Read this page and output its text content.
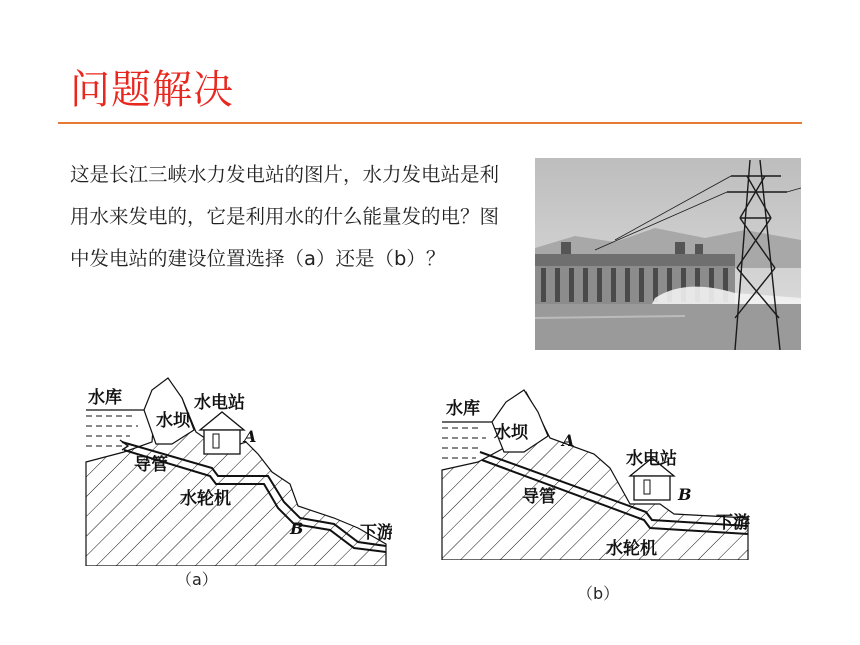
问题解决
这是长江三峡水力发电站的图片，水力发电站是利用水来发电的，它是利用水的什么能量发的电？图中发电站的建设位置选择（a）还是（b）？
水库
水坝
水电站
A
导管
水轮机
B	下游
（a）
水库
水坝 A
水电站
导管	B
下游
水轮机
（b）
